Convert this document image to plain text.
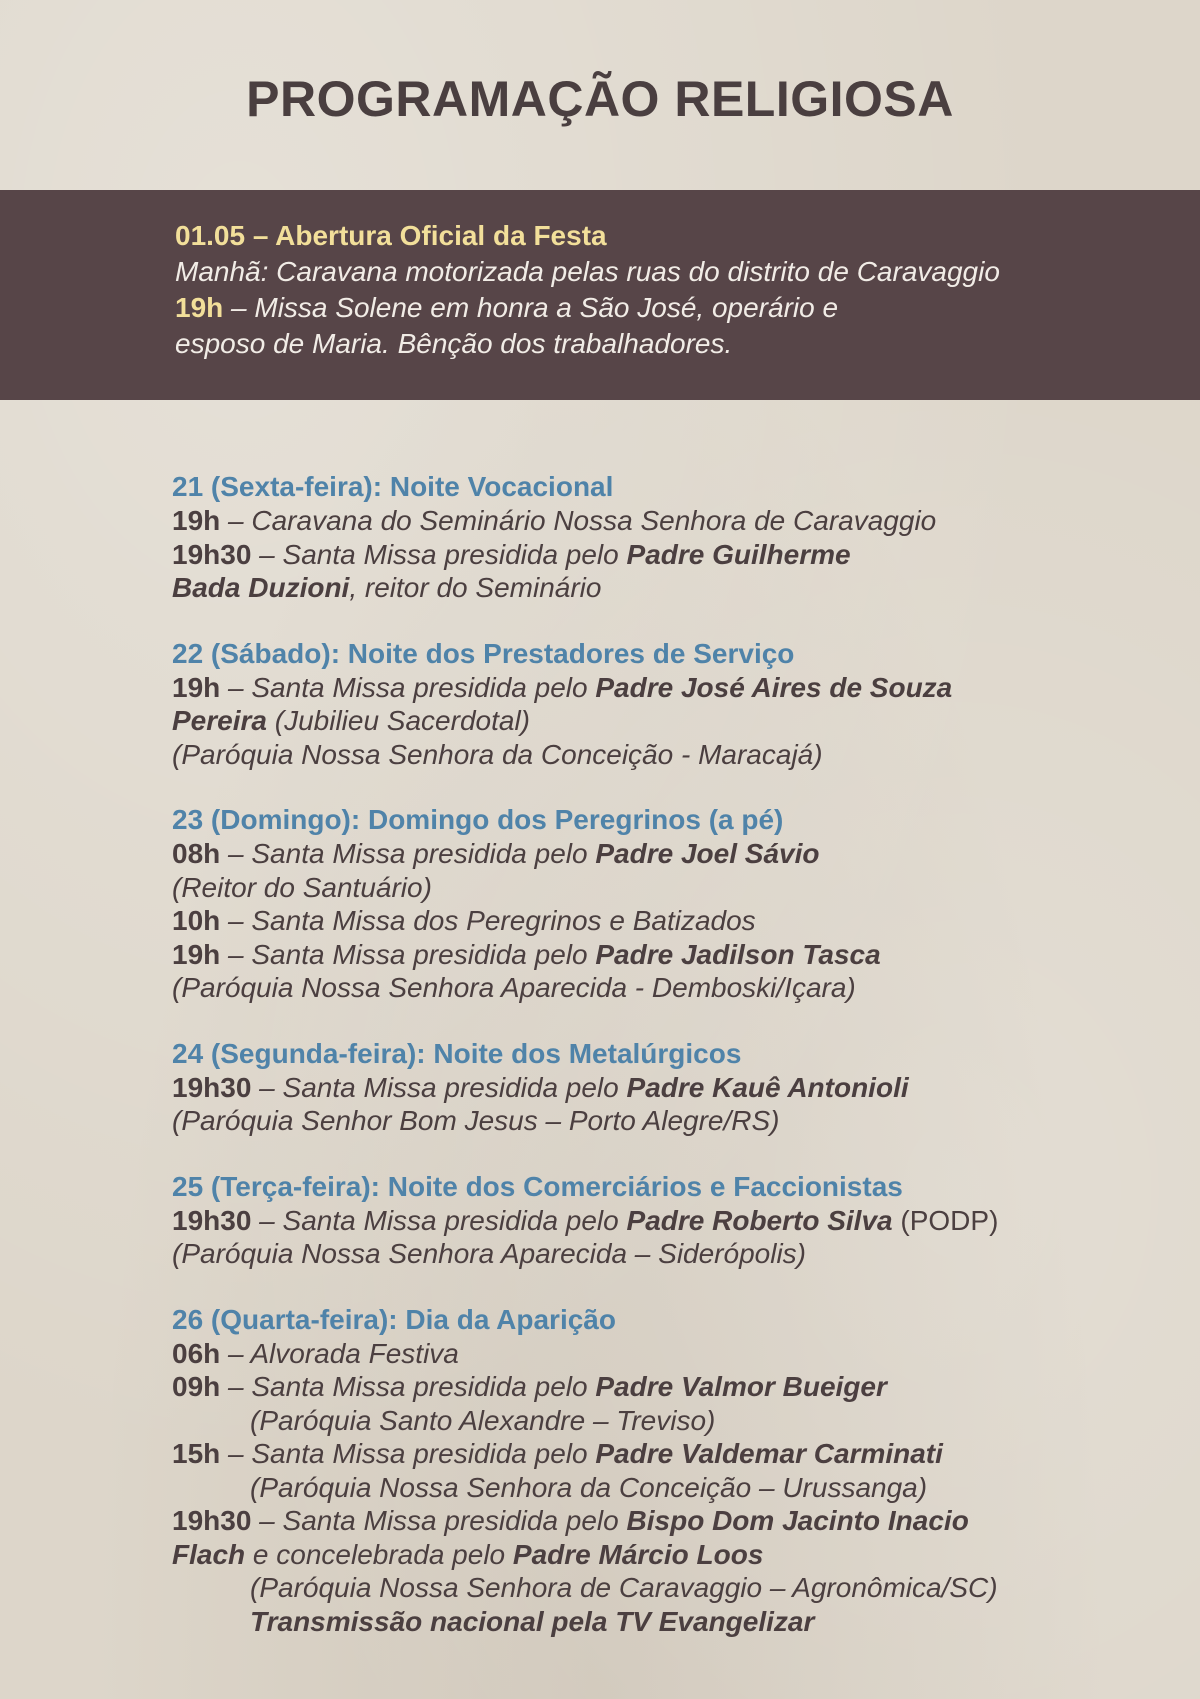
PROGRAMAÇÃO RELIGIOSA
01.05 – Abertura Oficial da Festa
Manhã: Caravana motorizada pelas ruas do distrito de Caravaggio
19h – Missa Solene em honra a São José, operário e
esposo de Maria. Bênção dos trabalhadores.
21 (Sexta-feira): Noite Vocacional
19h – Caravana do Seminário Nossa Senhora de Caravaggio
19h30 – Santa Missa presidida pelo Padre Guilherme
Bada Duzioni, reitor do Seminário
22 (Sábado): Noite dos Prestadores de Serviço
19h – Santa Missa presidida pelo Padre José Aires de Souza
Pereira (Jubilieu Sacerdotal)
(Paróquia Nossa Senhora da Conceição - Maracajá)
23 (Domingo): Domingo dos Peregrinos (a pé)
08h – Santa Missa presidida pelo Padre Joel Sávio
(Reitor do Santuário)
10h – Santa Missa dos Peregrinos e Batizados
19h – Santa Missa presidida pelo Padre Jadilson Tasca
(Paróquia Nossa Senhora Aparecida - Demboski/Içara)
24 (Segunda-feira): Noite dos Metalúrgicos
19h30 – Santa Missa presidida pelo Padre Kauê Antonioli
(Paróquia Senhor Bom Jesus – Porto Alegre/RS)
25 (Terça-feira): Noite dos Comerciários e Faccionistas
19h30 – Santa Missa presidida pelo Padre Roberto Silva (PODP)
(Paróquia Nossa Senhora Aparecida – Siderópolis)
26 (Quarta-feira): Dia da Aparição
06h – Alvorada Festiva
09h – Santa Missa presidida pelo Padre Valmor Bueiger
(Paróquia Santo Alexandre – Treviso)
15h – Santa Missa presidida pelo Padre Valdemar Carminati
(Paróquia Nossa Senhora da Conceição – Urussanga)
19h30 – Santa Missa presidida pelo Bispo Dom Jacinto Inacio
Flach e concelebrada pelo Padre Márcio Loos
(Paróquia Nossa Senhora de Caravaggio – Agronômica/SC)
Transmissão nacional pela TV Evangelizar
